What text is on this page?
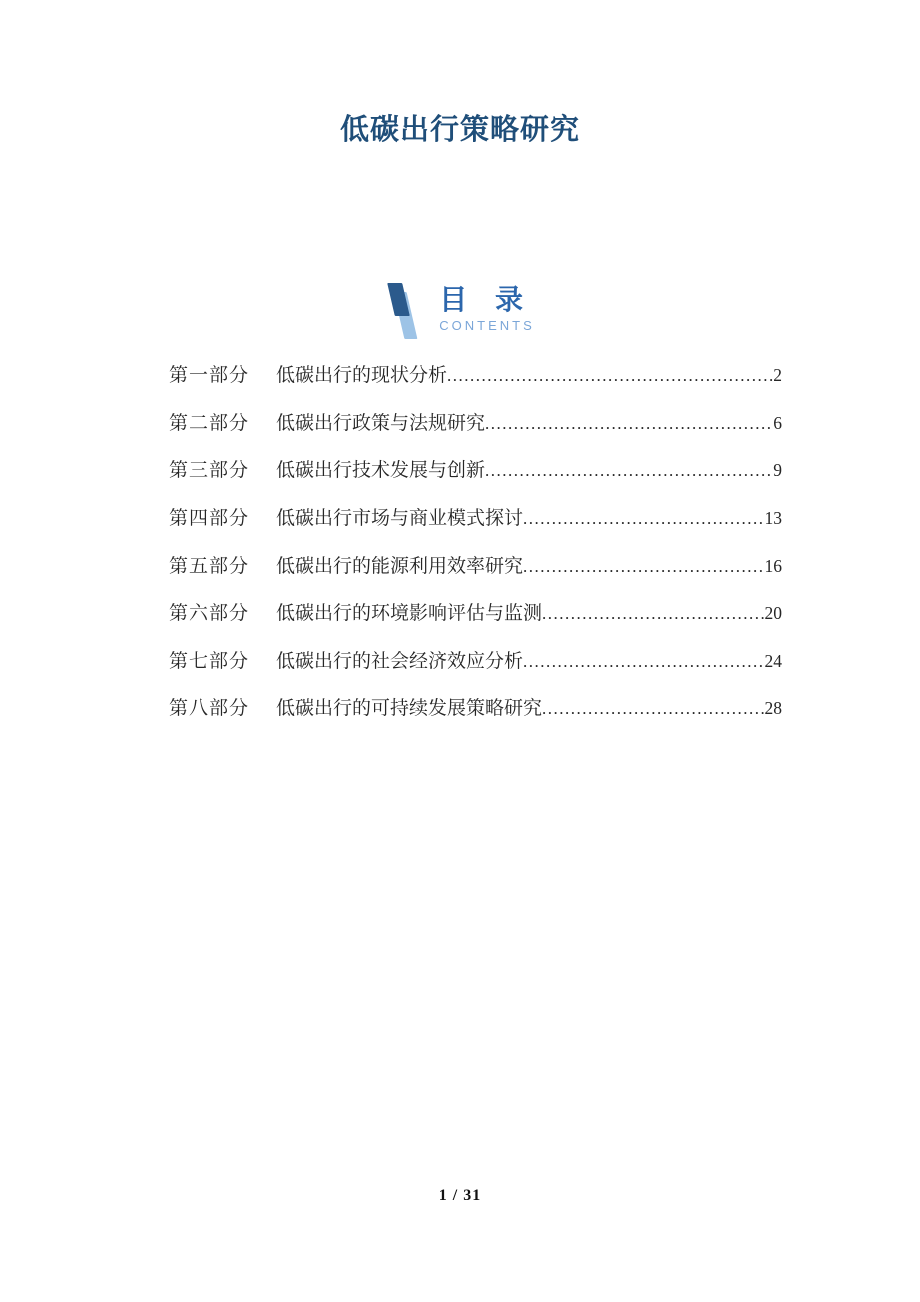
低碳出行策略研究
目 录
CONTENTS
第一部分 低碳出行的现状分析 .....	2
第二部分 低碳出行政策与法规研究 .....	6
第三部分 低碳出行技术发展与创新 .....	9
第四部分 低碳出行市场与商业模式探讨 .....	13
第五部分 低碳出行的能源利用效率研究 .....	16
第六部分 低碳出行的环境影响评估与监测 .....	20
第七部分 低碳出行的社会经济效应分析 .....	24
第八部分 低碳出行的可持续发展策略研究 .....	28
1 / 31
